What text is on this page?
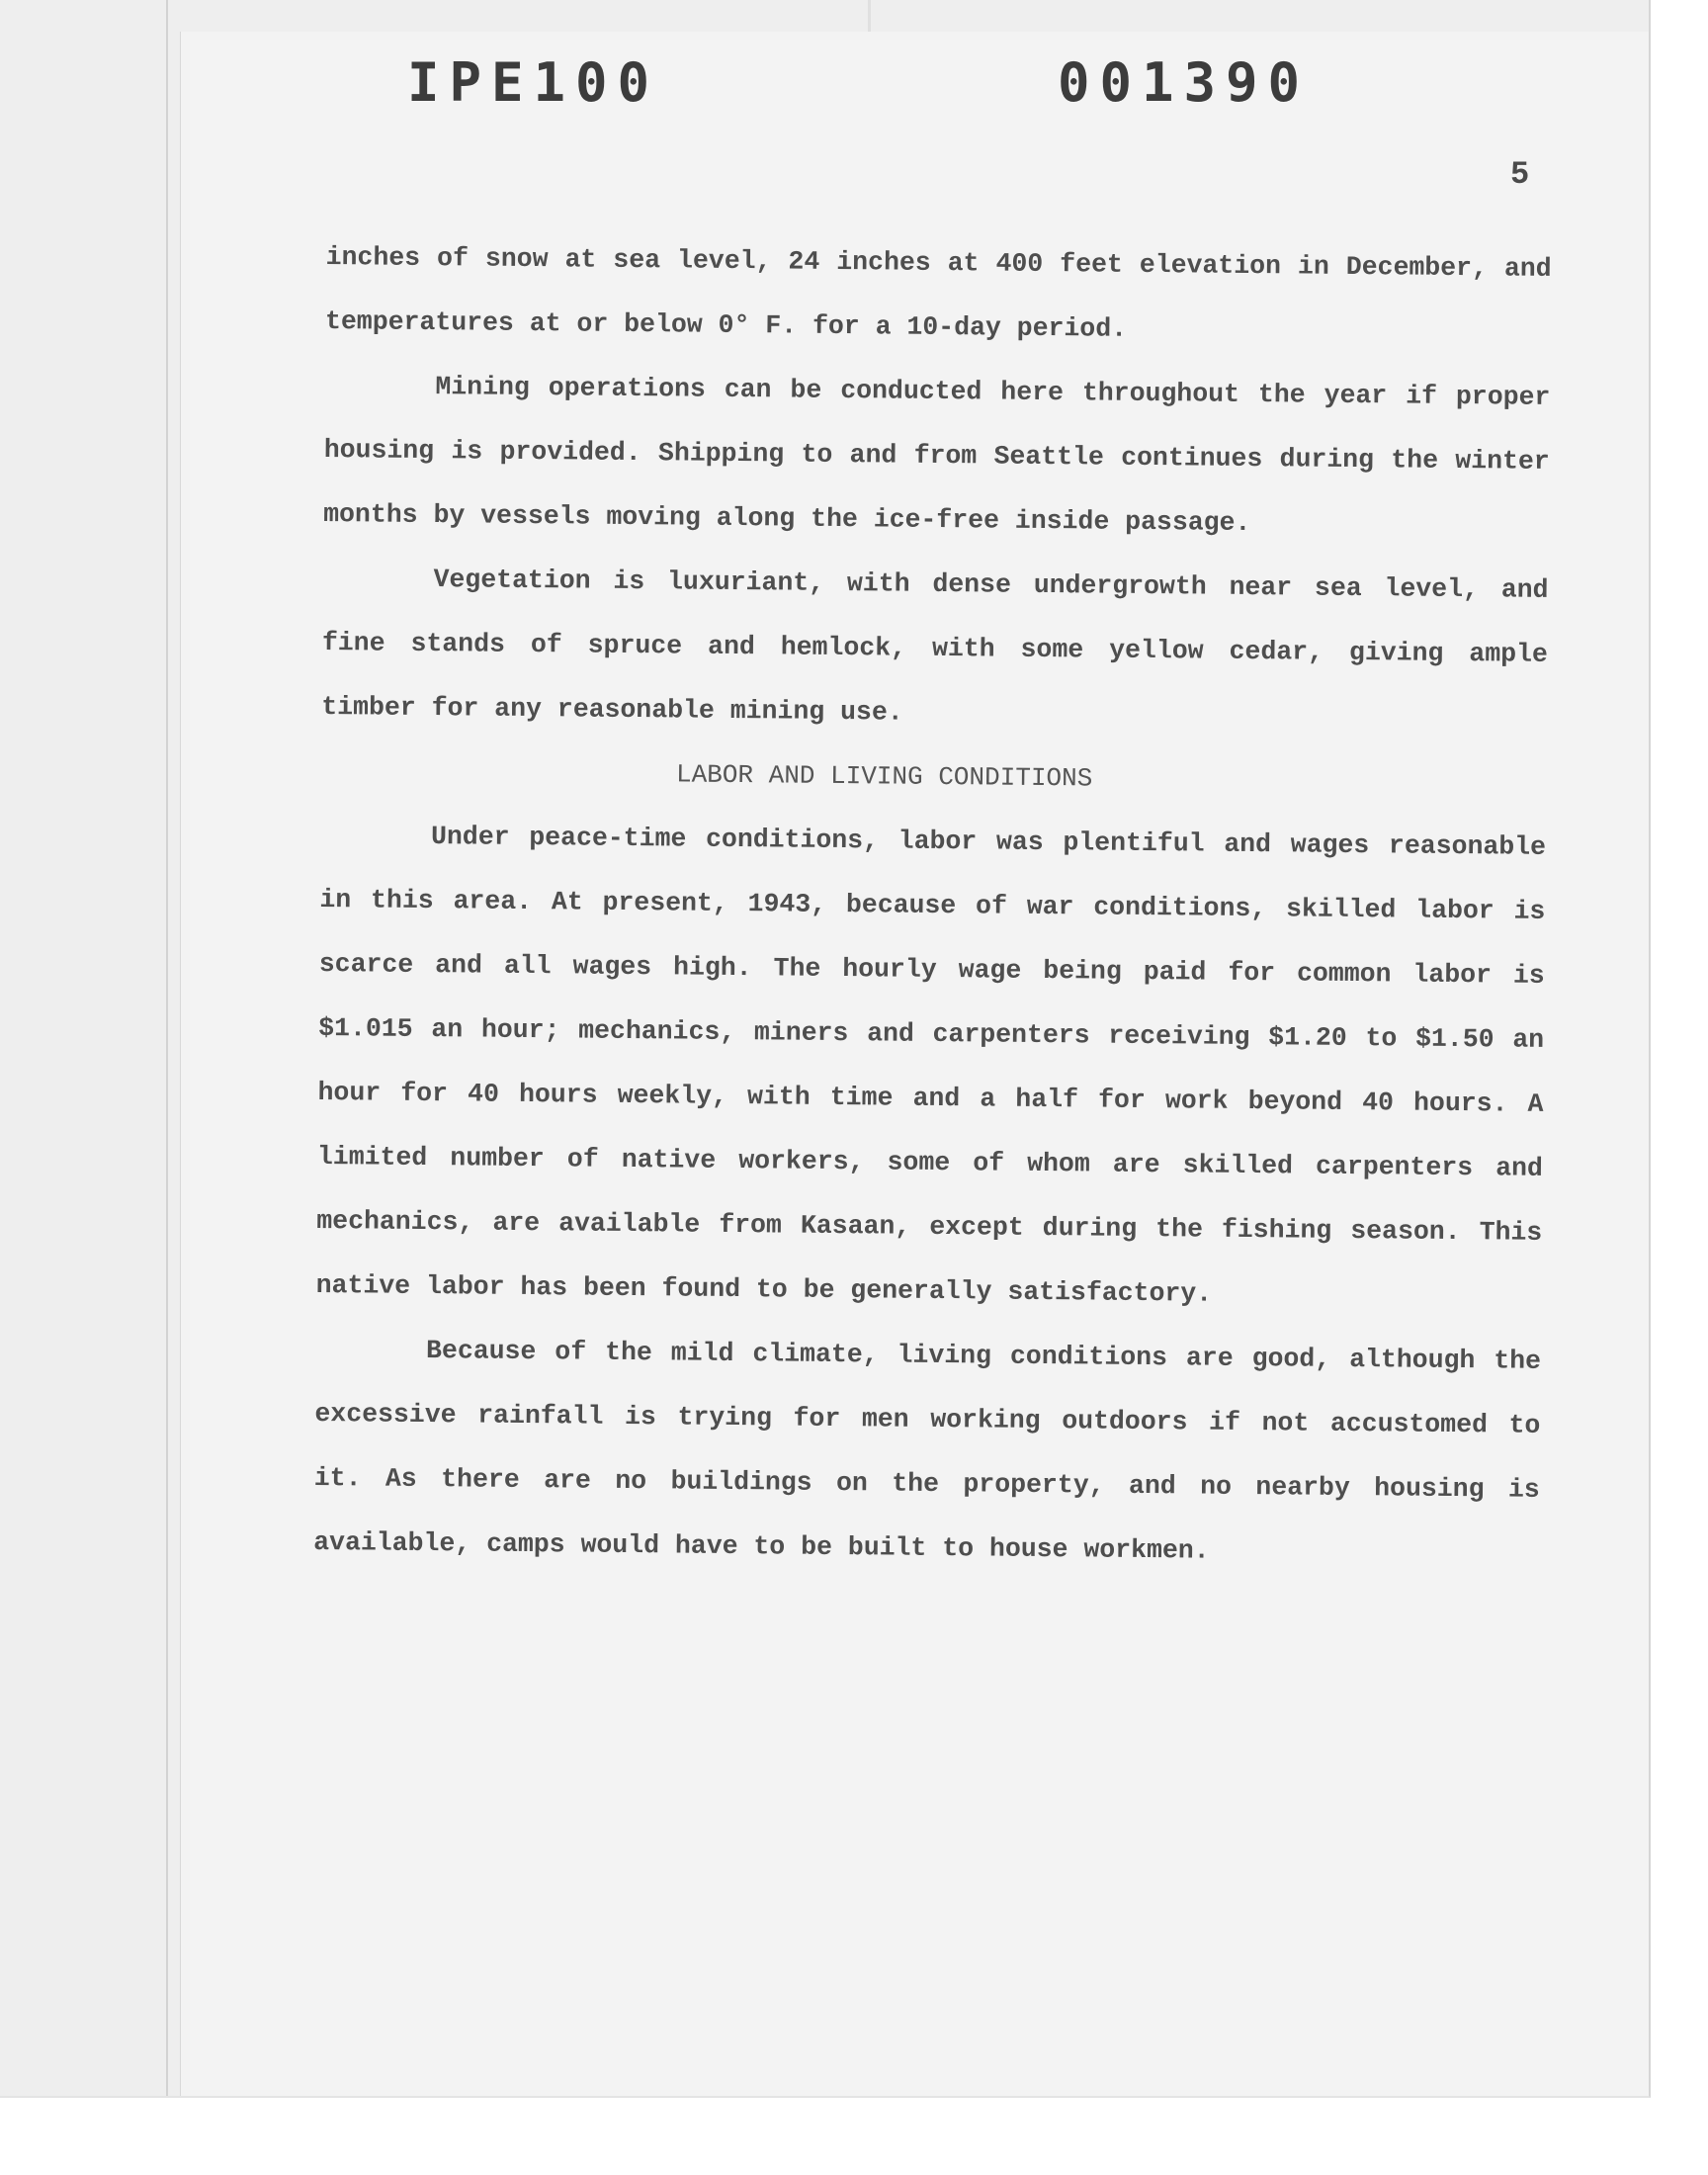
IPE100	001390

5

inches of snow at sea level, 24 inches at 400 feet elevation in December, and temperatures at or below 0° F. for a 10-day period.

Mining operations can be conducted here throughout the year if proper housing is provided. Shipping to and from Seattle continues during the winter months by vessels moving along the ice-free inside passage.

Vegetation is luxuriant, with dense undergrowth near sea level, and fine stands of spruce and hemlock, with some yellow cedar, giving ample timber for any reasonable mining use.

LABOR AND LIVING CONDITIONS

Under peace-time conditions, labor was plentiful and wages reasonable in this area. At present, 1943, because of war conditions, skilled labor is scarce and all wages high. The hourly wage being paid for common labor is $1.015 an hour; mechanics, miners and carpenters receiving $1.20 to $1.50 an hour for 40 hours weekly, with time and a half for work beyond 40 hours. A limited number of native workers, some of whom are skilled carpenters and mechanics, are available from Kasaan, except during the fishing season. This native labor has been found to be generally satisfactory.

Because of the mild climate, living conditions are good, although the excessive rainfall is trying for men working outdoors if not accustomed to it. As there are no buildings on the property, and no nearby housing is available, camps would have to be built to house workmen.
